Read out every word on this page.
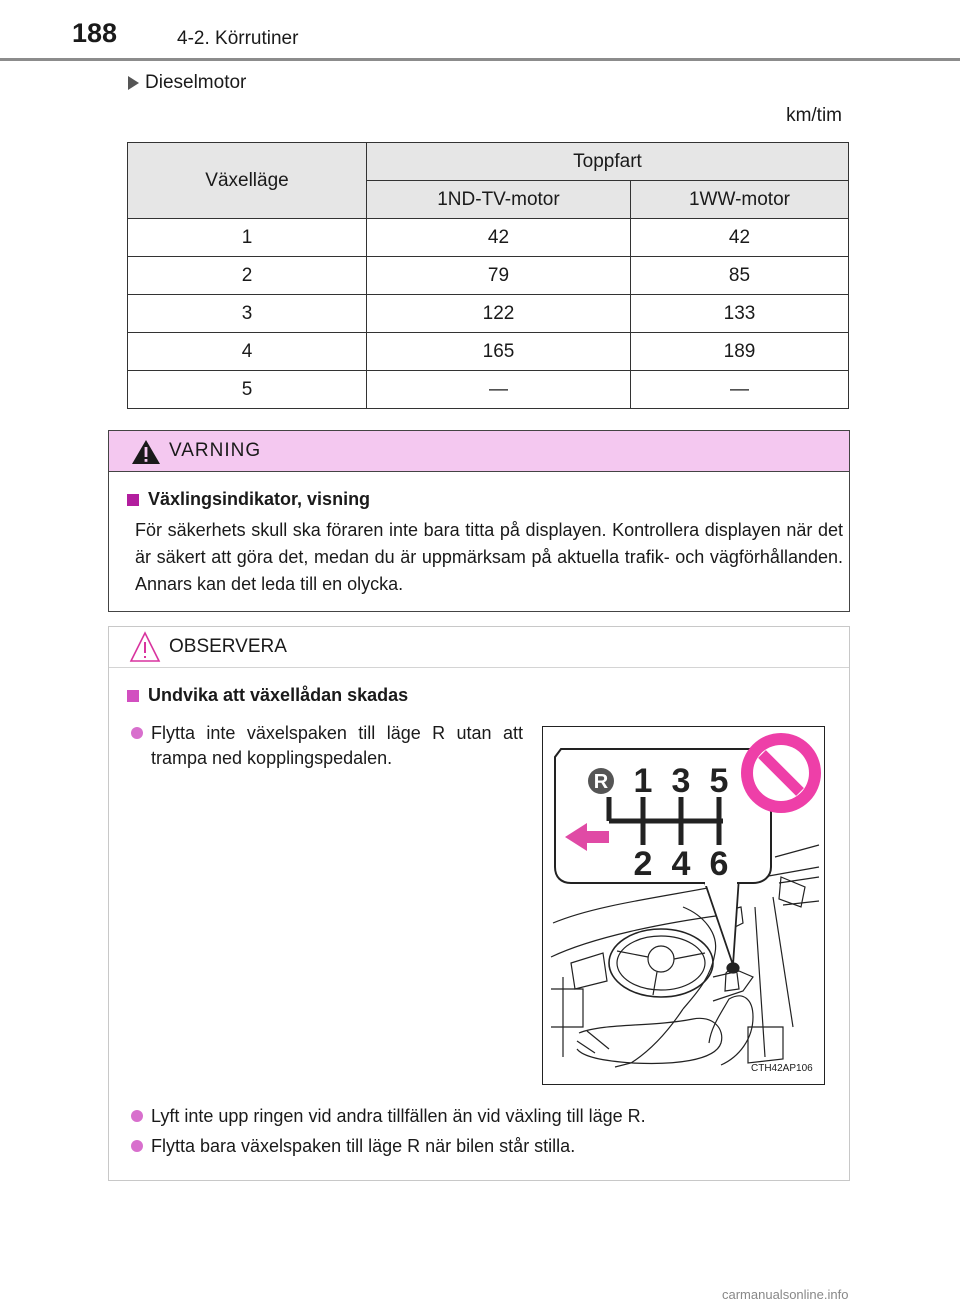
188	4-2. Körrutiner
Dieselmotor
km/tim
Växelläge	Toppfart	
	1ND-TV-motor	1WW-motor
1	42	42
2	79	85
3	122	133
4	165	189
5	—	—
VARNING
Växlingsindikator, visning
För säkerhets skull ska föraren inte bara titta på displayen. Kontrollera displayen när det är säkert att göra det, medan du är uppmärksam på aktuella trafik- och vägförhållanden. Annars kan det leda till en olycka.
OBSERVERA
Undvika att växellådan skadas
Flytta inte växelspaken till läge R utan att trampa ned kopplingspedalen.
R 1 3 5
2 4 6
CTH42AP106
Lyft inte upp ringen vid andra tillfällen än vid växling till läge R.
Flytta bara växelspaken till läge R när bilen står stilla.
carmanualsonline.info
